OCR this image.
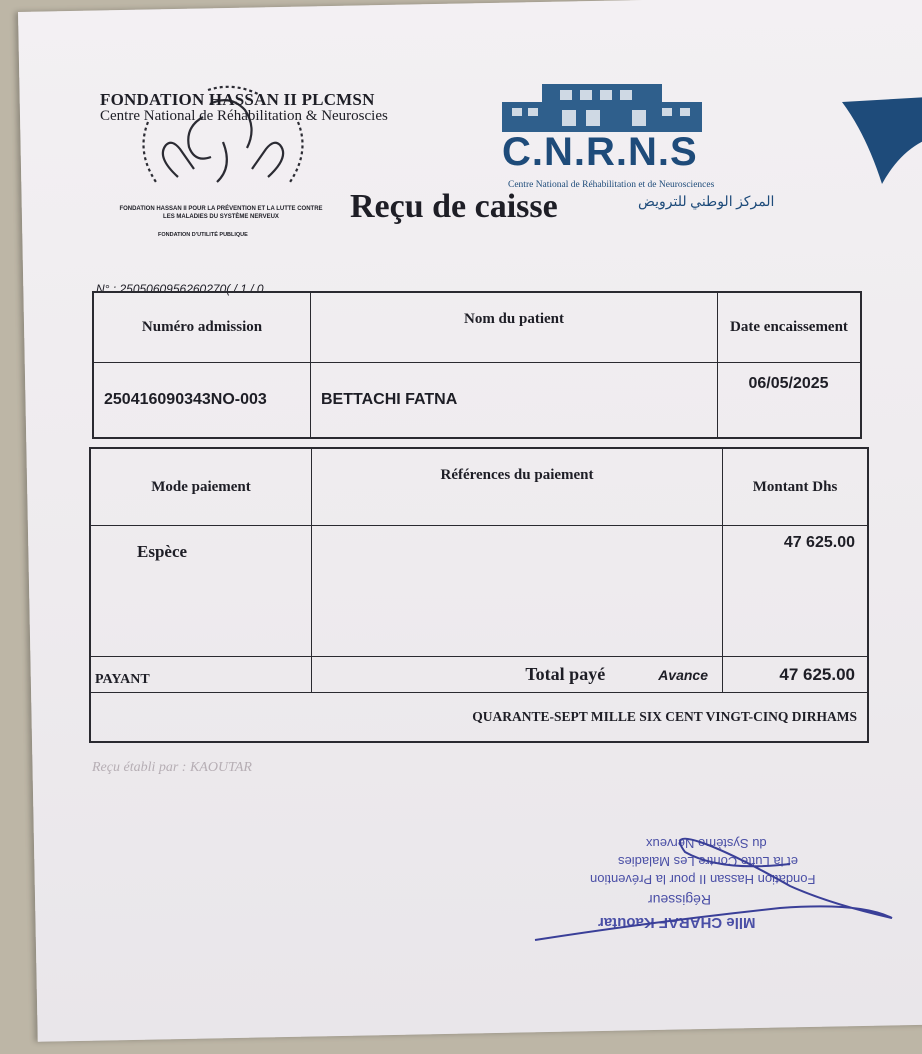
FONDATION HASSAN II PLCMSN
Centre National de Réhabilitation & Neuroscies
FONDATION HASSAN II POUR LA PRÉVENTION ET LA LUTTE CONTRE LES MALADIES DU SYSTÈME NERVEUX
FONDATION D'UTILITÉ PUBLIQUE
C.N.R.N.S
Centre National de Réhabilitation et de Neurosciences
المركز الوطني للترويض
Reçu de caisse
N° : 2505060956260270( / 1 / 0
Numéro admission	Nom du patient	Date encaissement
250416090343NO-003	BETTACHI FATNA	06/05/2025
Mode paiement	Références du paiement	Montant Dhs
Espèce		47 625.00
PAYANT	Total payé Avance	47 625.00
QUARANTE-SEPT MILLE SIX CENT VINGT-CINQ DIRHAMS		
Reçu établi par : KAOUTAR
Mlle CHARAF Kaoutar
Régisseur
Fondation Hassan II pour la Prévention
et la Lutte Contre Les Maladies
du Système Nerveux
